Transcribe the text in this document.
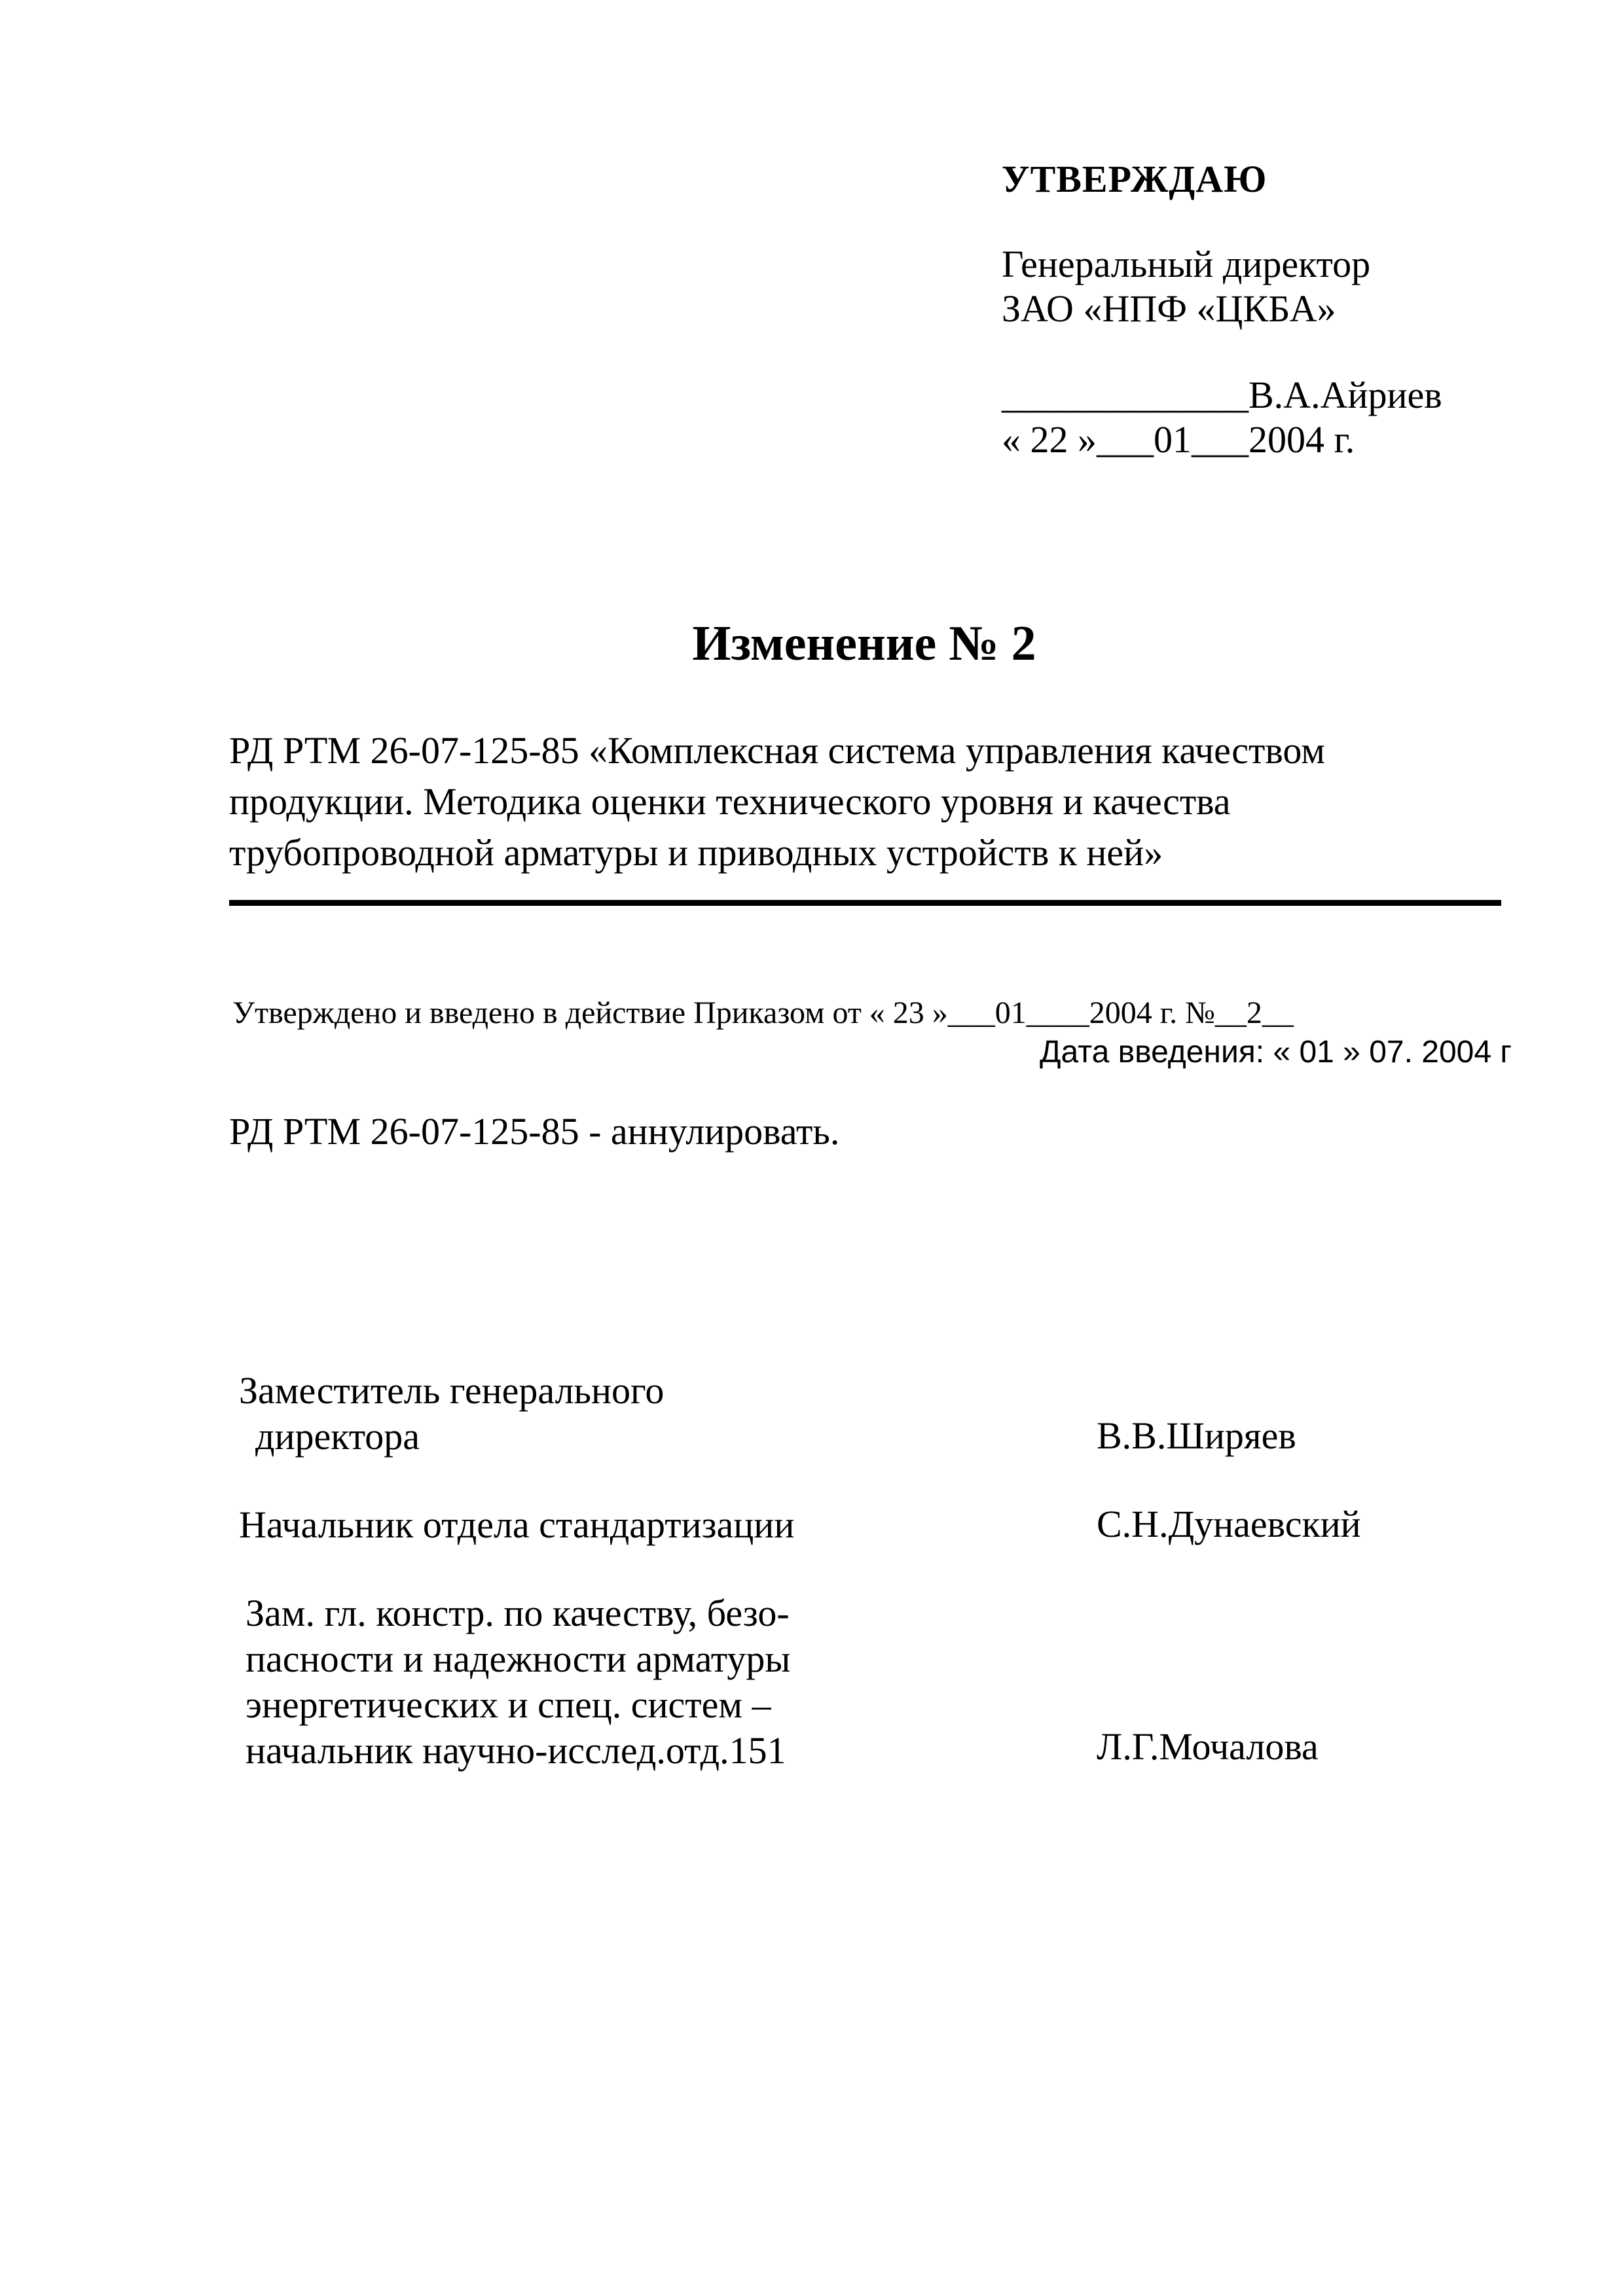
УТВЕРЖДАЮ
Генеральный директор
ЗАО «НПФ «ЦКБА»
_____________В.А.Айриев
« 22 »___01___2004 г.
Изменение № 2
РД РТМ 26-07-125-85 «Комплексная система управления качеством
продукции. Методика оценки технического уровня и качества
трубопроводной арматуры и приводных устройств к ней»
Утверждено и введено в действие Приказом от « 23 »___01____2004 г. №__2__
Дата введения: « 01 » 07. 2004 г
РД РТМ 26-07-125-85 - аннулировать.
Заместитель генерального
директора	В.В.Ширяев
Начальник отдела стандартизации	С.Н.Дунаевский
Зам. гл. констр. по качеству, безо-
пасности и надежности арматуры
энергетических и спец. систем –
начальник научно-исслед.отд.151	Л.Г.Мочалова
